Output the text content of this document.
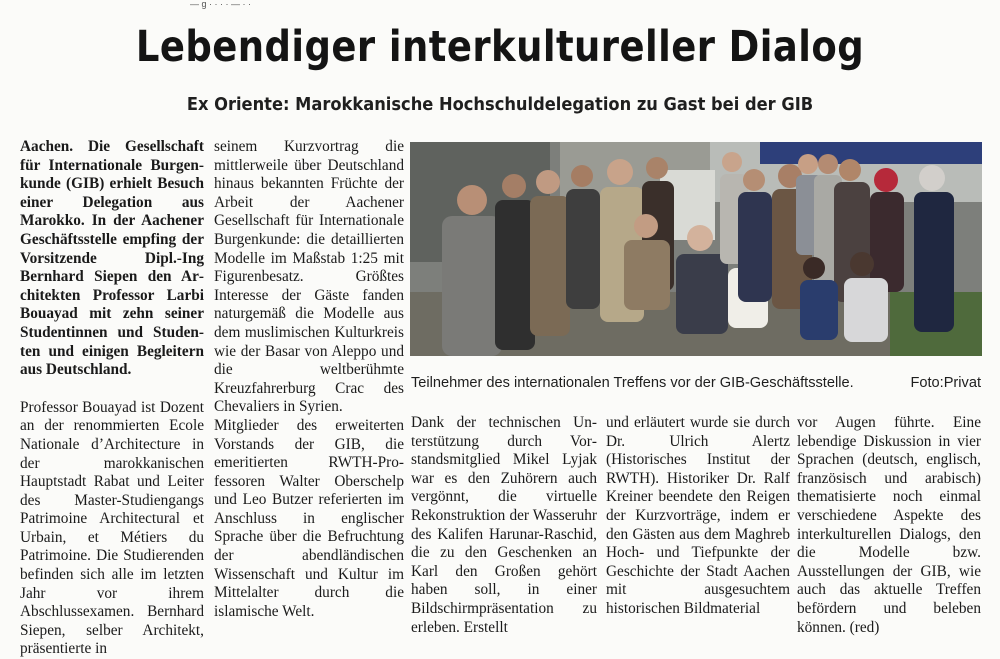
— g · · · · — · ·
Lebendiger interkultureller Dialog
Ex Oriente: Marokkanische Hochschuldelegation zu Gast bei der GIB

Aachen. Die Gesellschaft für Internationale Burgenkunde (GIB) erhielt Besuch einer Delegation aus Marokko. In der Aachener Geschäftsstelle empfing der Vorsitzende Dipl.-Ing Bernhard Siepen den Architekten Professor Larbi Bouayad mit zehn seiner Studentinnen und Studenten und einigen Begleitern aus Deutschland.

Professor Bouayad ist Dozent an der renommierten Ecole Nationale d’Architecture in der marokkanischen Hauptstadt Rabat und Leiter des Master-Studiengangs Patrimoine Architectural et Urbain, et Métiers du Patrimoine. Die Studierenden befinden sich alle im letzten Jahr vor ihrem Abschlussexamen. Bernhard Siepen, selber Architekt, präsentierte in

seinem Kurzvortrag die mittlerweile über Deutschland hinaus bekannten Früchte der Arbeit der Aachener Gesellschaft für Internationale Burgenkunde: die detaillierten Modelle im Maßstab 1:25 mit Figurenbesatz. Größtes Interesse der Gäste fanden naturgemäß die Modelle aus dem muslimischen Kulturkreis wie der Basar von Aleppo und die weltberühmte Kreuzfahrerburg Crac des Chevaliers in Syrien.

Mitglieder des erweiterten Vorstands der GIB, die emeritierten RWTH-Professoren Walter Oberschelp und Leo Butzer referierten im Anschluss in englischer Sprache über die Befruchtung der abendländischen Wissenschaft und Kultur im Mittelalter durch die islamische Welt.

Teilnehmer des internationalen Treffens vor der GIB-Geschäftsstelle.	Foto:Privat

Dank der technischen Unterstützung durch Vorstandsmitglied Mikel Lyjak war es den Zuhörern auch vergönnt, die virtuelle Rekonstruktion der Wasseruhr des Kalifen Harunar-Raschid, die zu den Geschenken an Karl den Großen gehört haben soll, in einer Bildschirmpräsentation zu erleben. Erstellt

und erläutert wurde sie durch Dr. Ulrich Alertz (Historisches Institut der RWTH). Historiker Dr. Ralf Kreiner beendete den Reigen der Kurzvorträge, indem er den Gästen aus dem Maghreb Hoch- und Tiefpunkte der Geschichte der Stadt Aachen mit ausgesuchtem historischen Bildmaterial

vor Augen führte. Eine lebendige Diskussion in vier Sprachen (deutsch, englisch, französisch und arabisch) thematisierte noch einmal verschiedene Aspekte des interkulturellen Dialogs, den die Modelle bzw. Ausstellungen der GIB, wie auch das aktuelle Treffen befördern und beleben können. (red)
